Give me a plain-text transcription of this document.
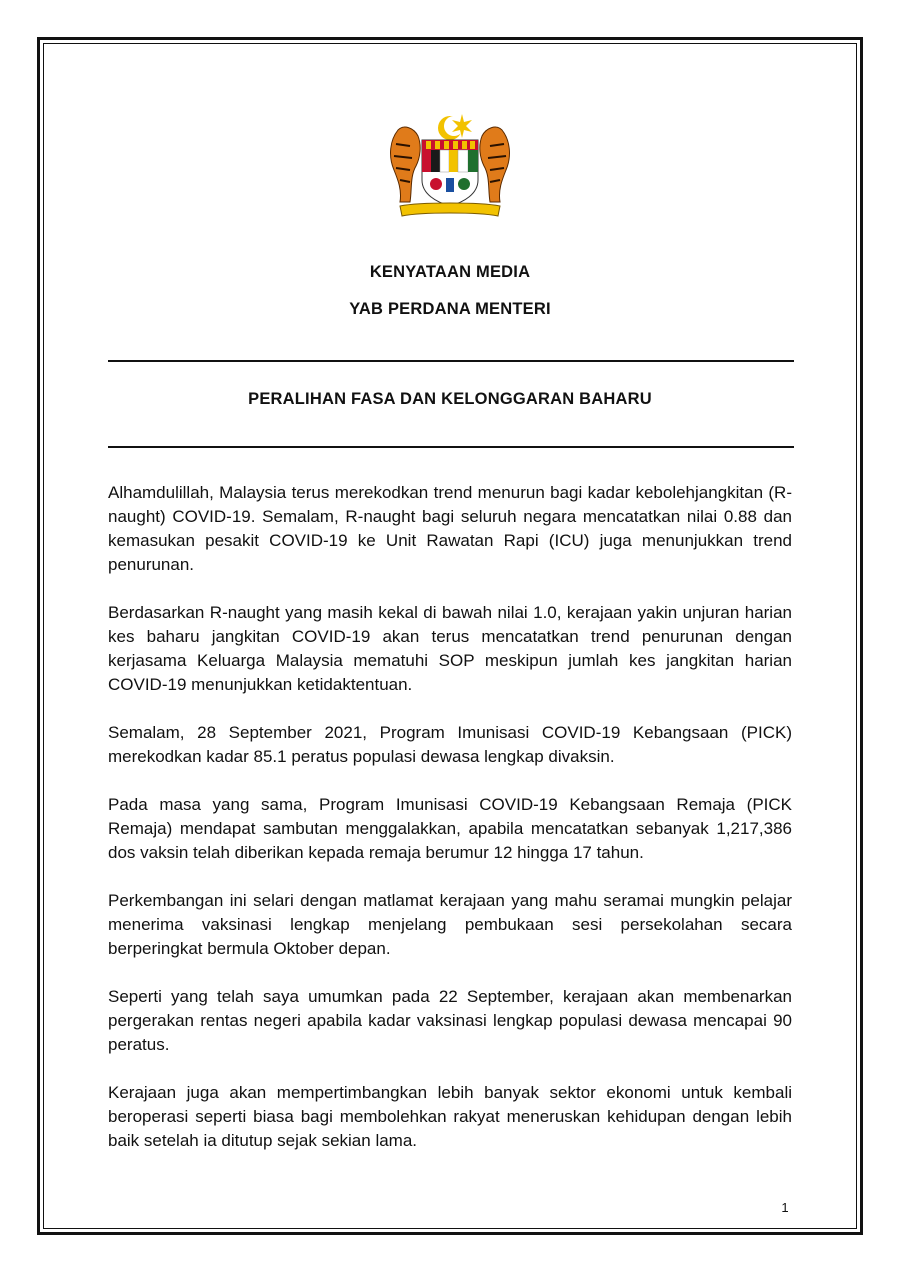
KENYATAAN MEDIA
YAB PERDANA MENTERI
PERALIHAN FASA DAN KELONGGARAN BAHARU

Alhamdulillah, Malaysia terus merekodkan trend menurun bagi kadar kebolehjangkitan (R-naught) COVID-19. Semalam, R-naught bagi seluruh negara mencatatkan nilai 0.88 dan kemasukan pesakit COVID-19 ke Unit Rawatan Rapi (ICU) juga menunjukkan trend penurunan.

Berdasarkan R-naught yang masih kekal di bawah nilai 1.0, kerajaan yakin unjuran harian kes baharu jangkitan COVID-19 akan terus mencatatkan trend penurunan dengan kerjasama Keluarga Malaysia mematuhi SOP meskipun jumlah kes jangkitan harian COVID-19 menunjukkan ketidaktentuan.

Semalam, 28 September 2021, Program Imunisasi COVID-19 Kebangsaan (PICK) merekodkan kadar 85.1 peratus populasi dewasa lengkap divaksin.

Pada masa yang sama, Program Imunisasi COVID-19 Kebangsaan Remaja (PICK Remaja) mendapat sambutan menggalakkan, apabila mencatatkan sebanyak 1,217,386 dos vaksin telah diberikan kepada remaja berumur 12 hingga 17 tahun.

Perkembangan ini selari dengan matlamat kerajaan yang mahu seramai mungkin pelajar menerima vaksinasi lengkap menjelang pembukaan sesi persekolahan secara berperingkat bermula Oktober depan.

Seperti yang telah saya umumkan pada 22 September, kerajaan akan membenarkan pergerakan rentas negeri apabila kadar vaksinasi lengkap populasi dewasa mencapai 90 peratus.

Kerajaan juga akan mempertimbangkan lebih banyak sektor ekonomi untuk kembali beroperasi seperti biasa bagi membolehkan rakyat meneruskan kehidupan dengan lebih baik setelah ia ditutup sejak sekian lama.

1
